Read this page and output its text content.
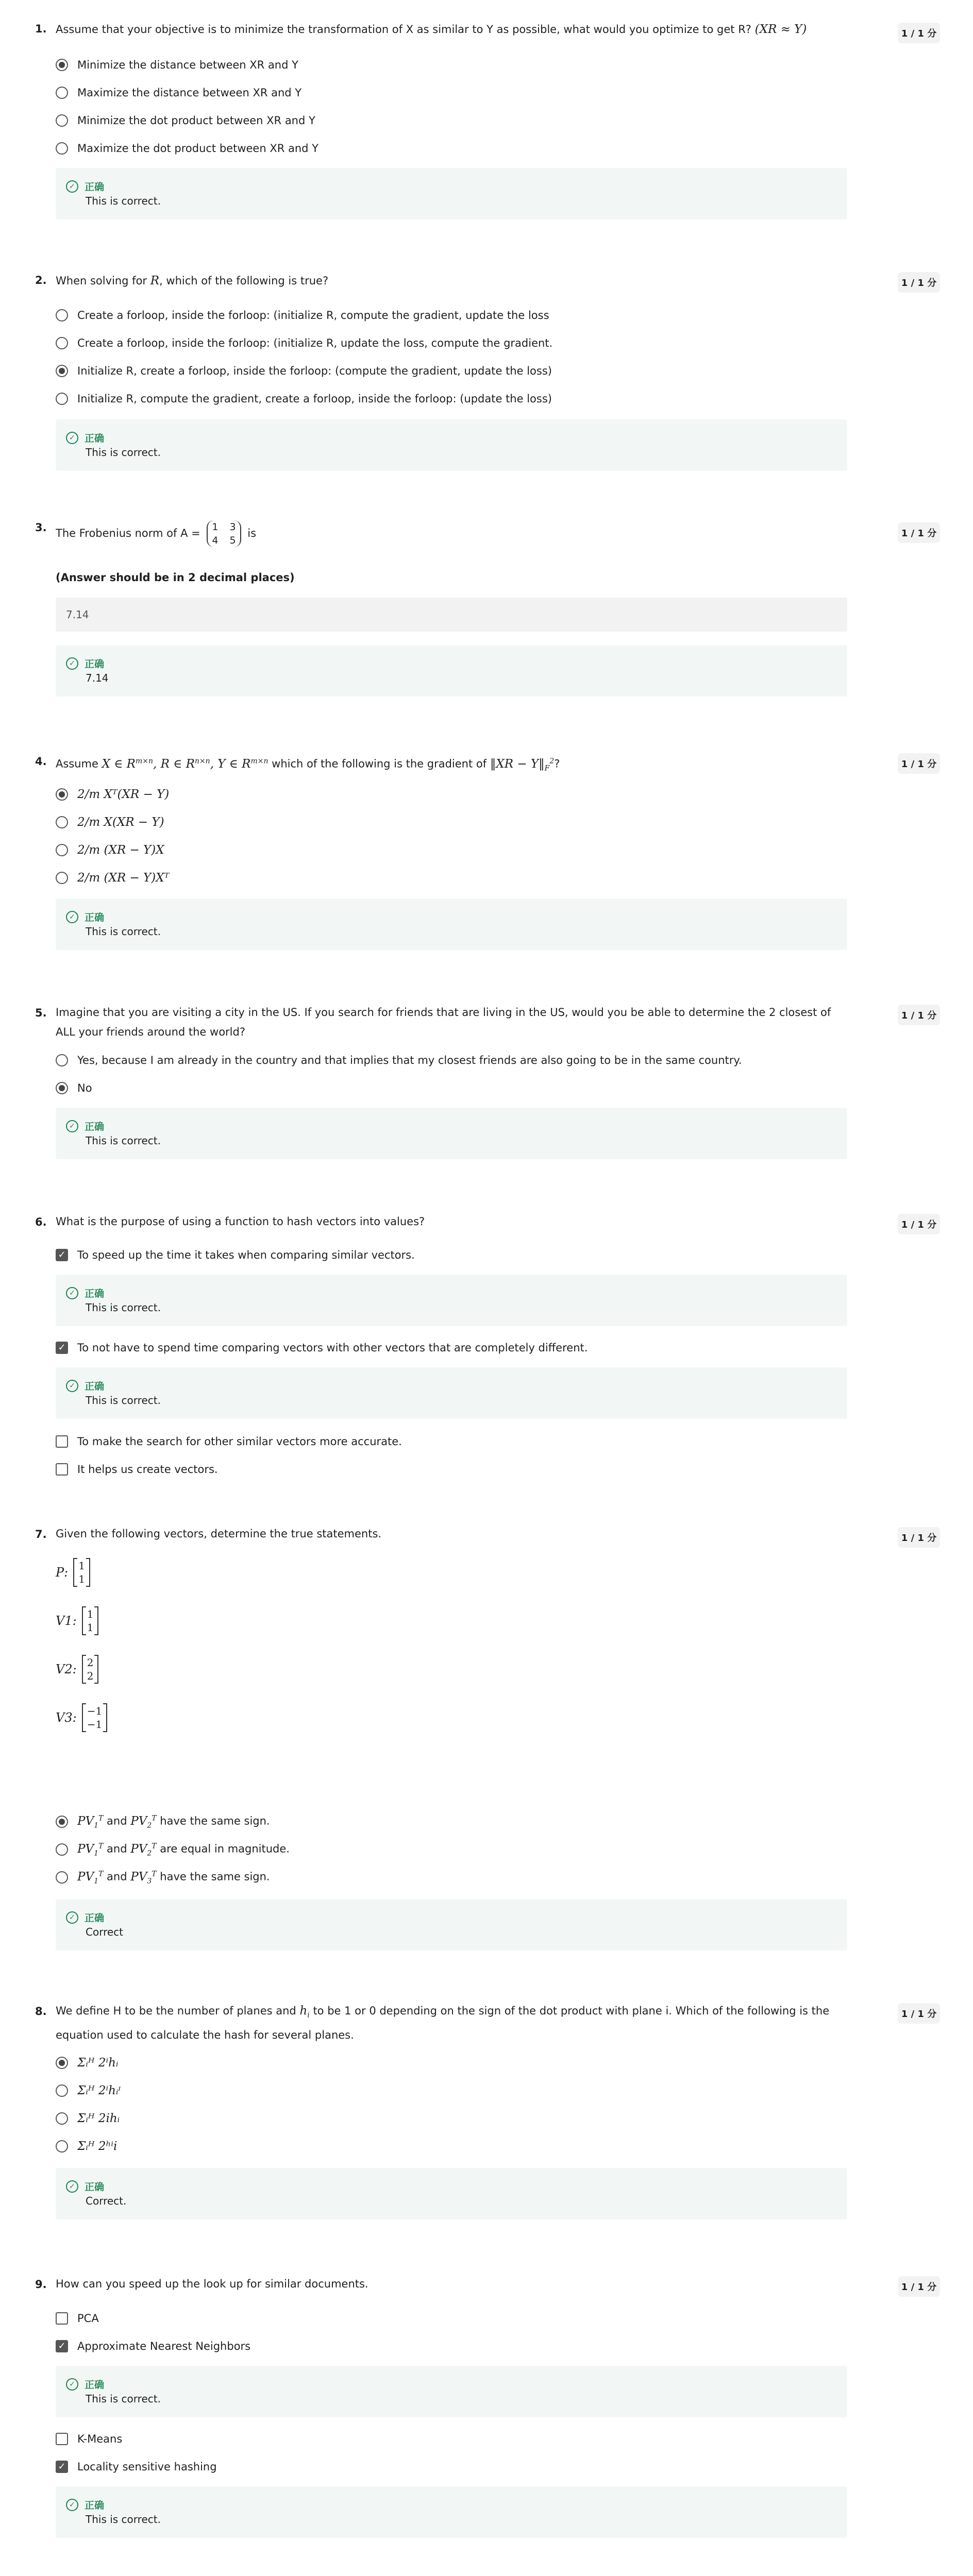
1. Assume that your objective is to minimize the transformation of X as similar to Y as possible, what would you optimize to get R? (XR ≈ Y)	1 / 1 分
Minimize the distance between XR and Y
Maximize the distance between XR and Y
Minimize the dot product between XR and Y
Maximize the dot product between XR and Y
✓ 正确
This is correct.
2. When solving for R, which of the following is true?	1 / 1 分
Create a forloop, inside the forloop: (initialize R, compute the gradient, update the loss
Create a forloop, inside the forloop: (initialize R, update the loss, compute the gradient.
Initialize R, create a forloop, inside the forloop: (compute the gradient, update the loss)
Initialize R, compute the gradient, create a forloop, inside the forloop: (update the loss)
✓ 正确
This is correct.
3. The Frobenius norm of A = 1 3
4 5
is	1 / 1 分
(Answer should be in 2 decimal places)
7.14
✓ 正确
7.14
4. Assume X ∈ $R^{m\times n}$, R ∈ $R^{n\times n}$, Y ∈ $R^{m\times n}$ which of the following is the gradient of ‖XR − $Y‖_F^2$?	1 / 1 分
2/m Xᵀ(XR − Y)
2/m X(XR − Y)
2/m (XR − Y)X
2/m (XR − Y)Xᵀ
✓ 正确
This is correct.
5. Imagine that you are visiting a city in the US. If you search for friends that are living in the US, would you be able to determine the 2 closest of ALL your friends around the world?
1 / 1 分
Yes, because I am already in the country and that implies that my closest friends are also going to be in the same country.
No
✓ 正确
This is correct.
6. What is the purpose of using a function to hash vectors into values?	1 / 1 分
✓ To speed up the time it takes when comparing similar vectors.
✓ 正确
This is correct.
✓ To not have to spend time comparing vectors with other vectors that are completely different.
✓ 正确
This is correct.
To make the search for other similar vectors more accurate.
It helps us create vectors.
7. Given the following vectors, determine the true statements.	1 / 1 分
P : 1
1
V1 : 1
1
V2 : 2
2
V3 : −1
−1
$PV_1^T$ and $PV_2^T$ have the same sign.
$PV_1^T$ and $PV_2^T$ are equal in magnitude.
$PV_1^T$ and $PV_3^T$ have the same sign.
✓ 正确
Correct
8. We define H to be the number of planes and $h_i$ to be 1 or 0 depending on the sign of the dot product with plane i. Which of the following is the equation used to calculate the hash for several planes.
1 / 1 分
Σᵢᴴ 2ⁱhᵢ
Σᵢᴴ 2ⁱhᵢᶦ
Σᵢᴴ 2ihᵢ
Σᵢᴴ 2ʰⁱi
✓ 正确
Correct.
9. How can you speed up the look up for similar documents.	1 / 1 分
PCA
✓ Approximate Nearest Neighbors
✓ 正确
This is correct.
K-Means
✓ Locality sensitive hashing
✓ 正确
This is correct.
